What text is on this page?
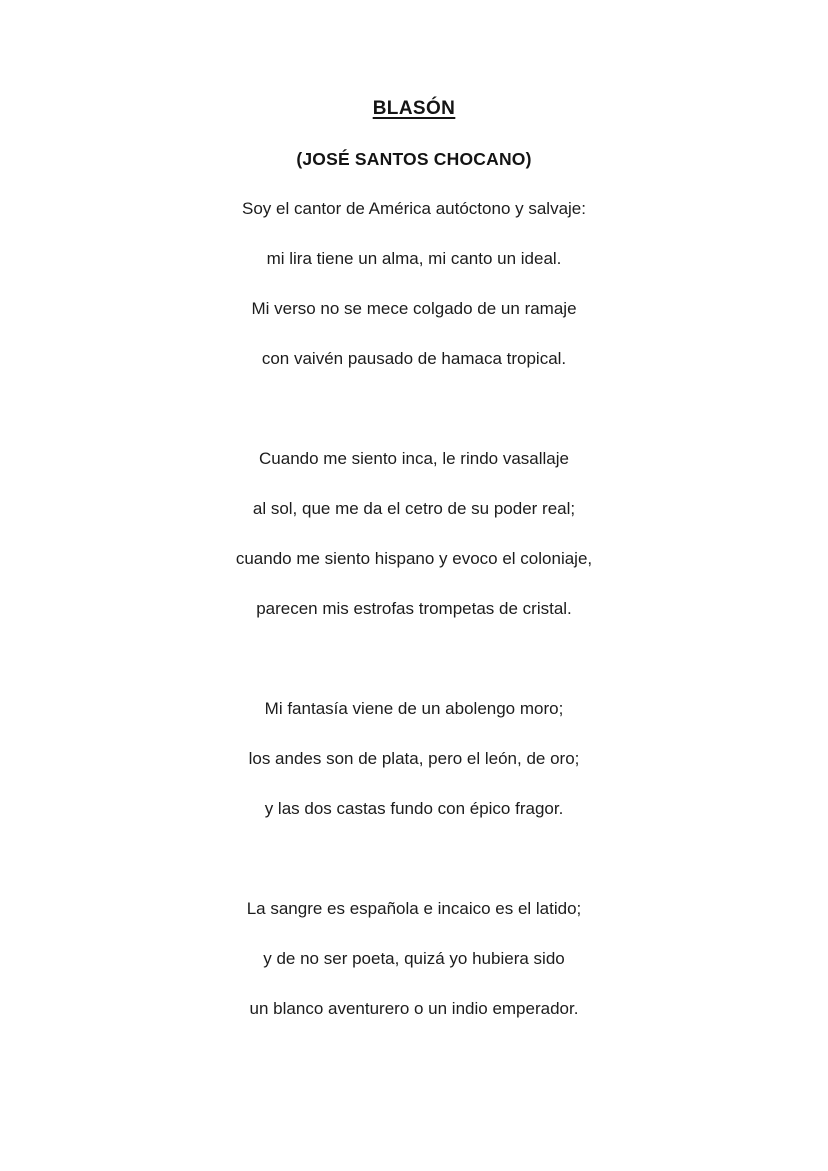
BLASÓN
(JOSÉ SANTOS CHOCANO)

Soy el cantor de América autóctono y salvaje:

mi lira tiene un alma, mi canto un ideal.

Mi verso no se mece colgado de un ramaje

con vaivén pausado de hamaca tropical.

Cuando me siento inca, le rindo vasallaje

al sol, que me da el cetro de su poder real;

cuando me siento hispano y evoco el coloniaje,

parecen mis estrofas trompetas de cristal.

Mi fantasía viene de un abolengo moro;

los andes son de plata, pero el león, de oro;

y las dos castas fundo con épico fragor.

La sangre es española e incaico es el latido;

y de no ser poeta, quizá yo hubiera sido

un blanco aventurero o un indio emperador.
